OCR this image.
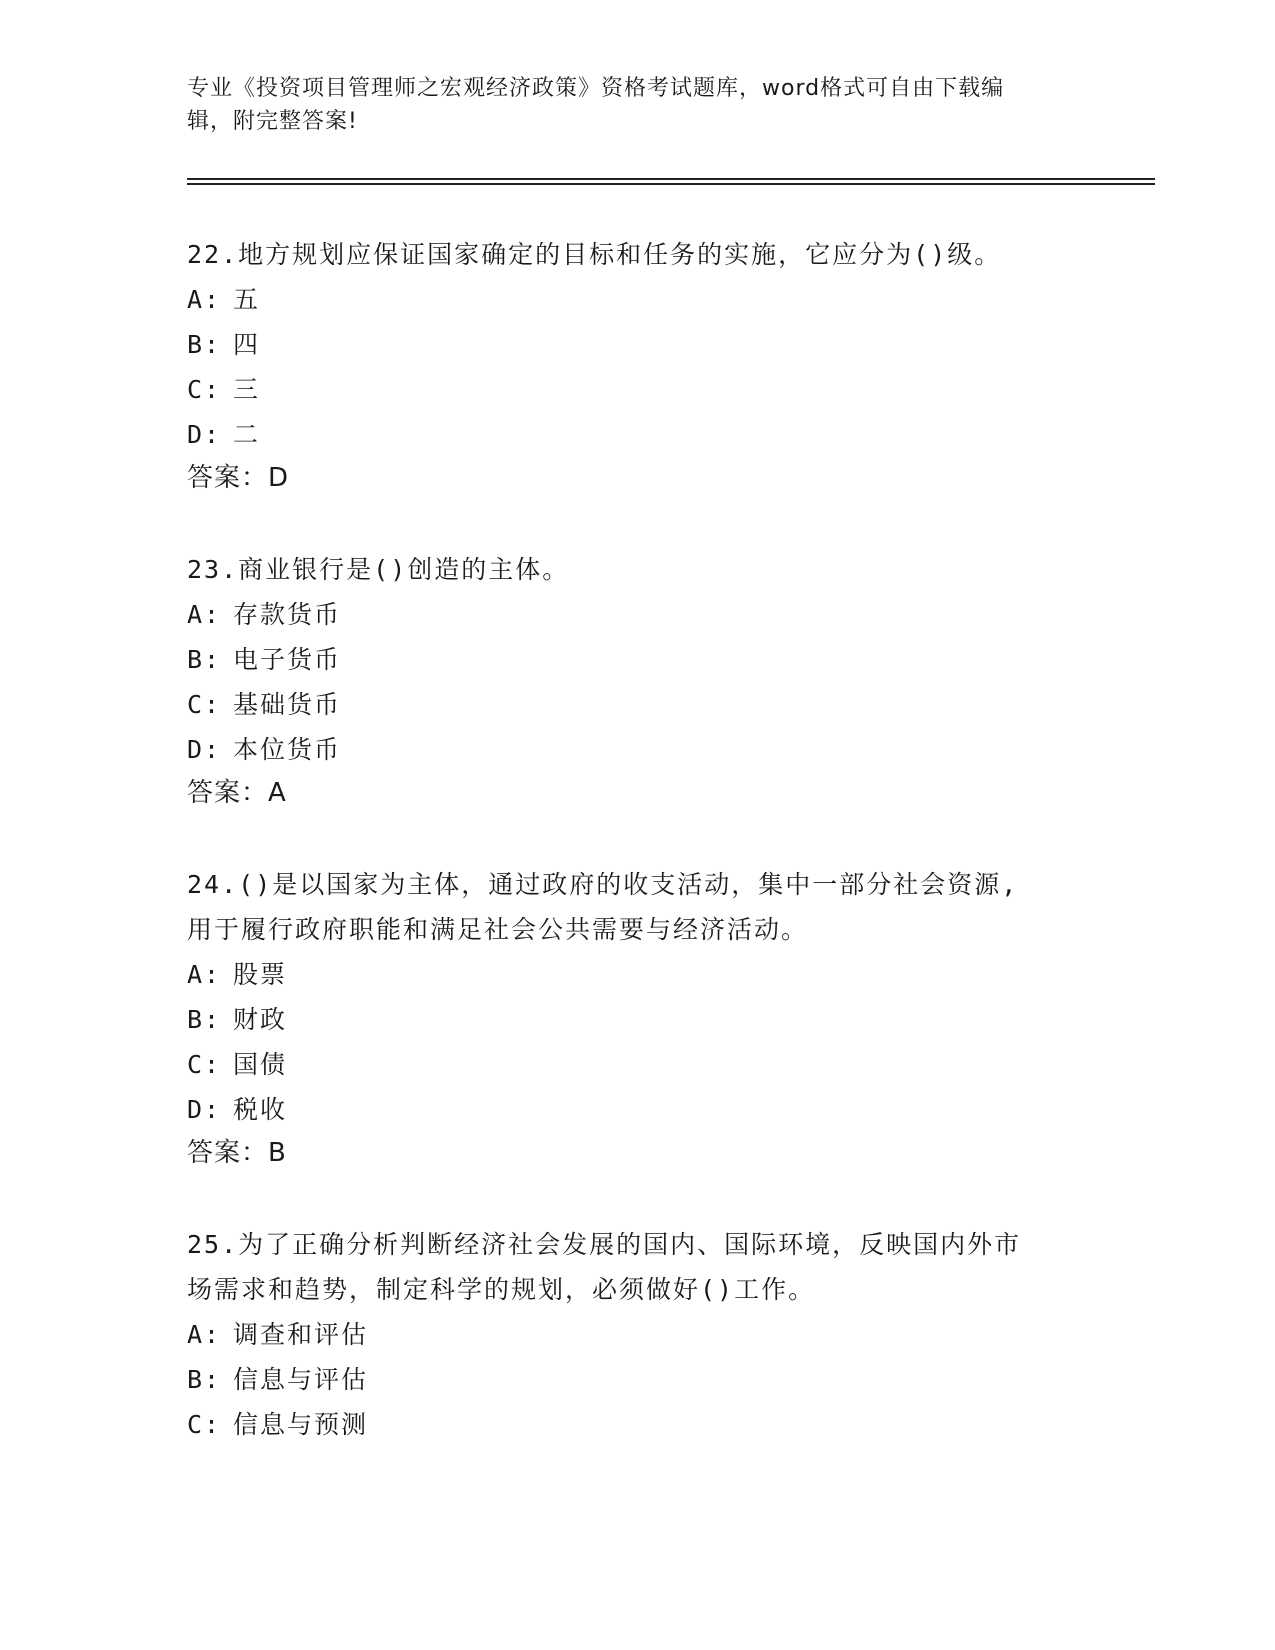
专业《投资项目管理师之宏观经济政策》资格考试题库，word格式可自由下载编
辑，附完整答案!
22.地方规划应保证国家确定的目标和任务的实施，它应分为()级。
A: 五
B: 四
C: 三
D: 二
答案：D
23.商业银行是()创造的主体。
A: 存款货币
B: 电子货币
C: 基础货币
D: 本位货币
答案：A
24.()是以国家为主体，通过政府的收支活动，集中一部分社会资源,
用于履行政府职能和满足社会公共需要与经济活动。
A: 股票
B: 财政
C: 国债
D: 税收
答案：B
25.为了正确分析判断经济社会发展的国内、国际环境，反映国内外市
场需求和趋势，制定科学的规划，必须做好()工作。
A: 调查和评估
B: 信息与评估
C: 信息与预测
